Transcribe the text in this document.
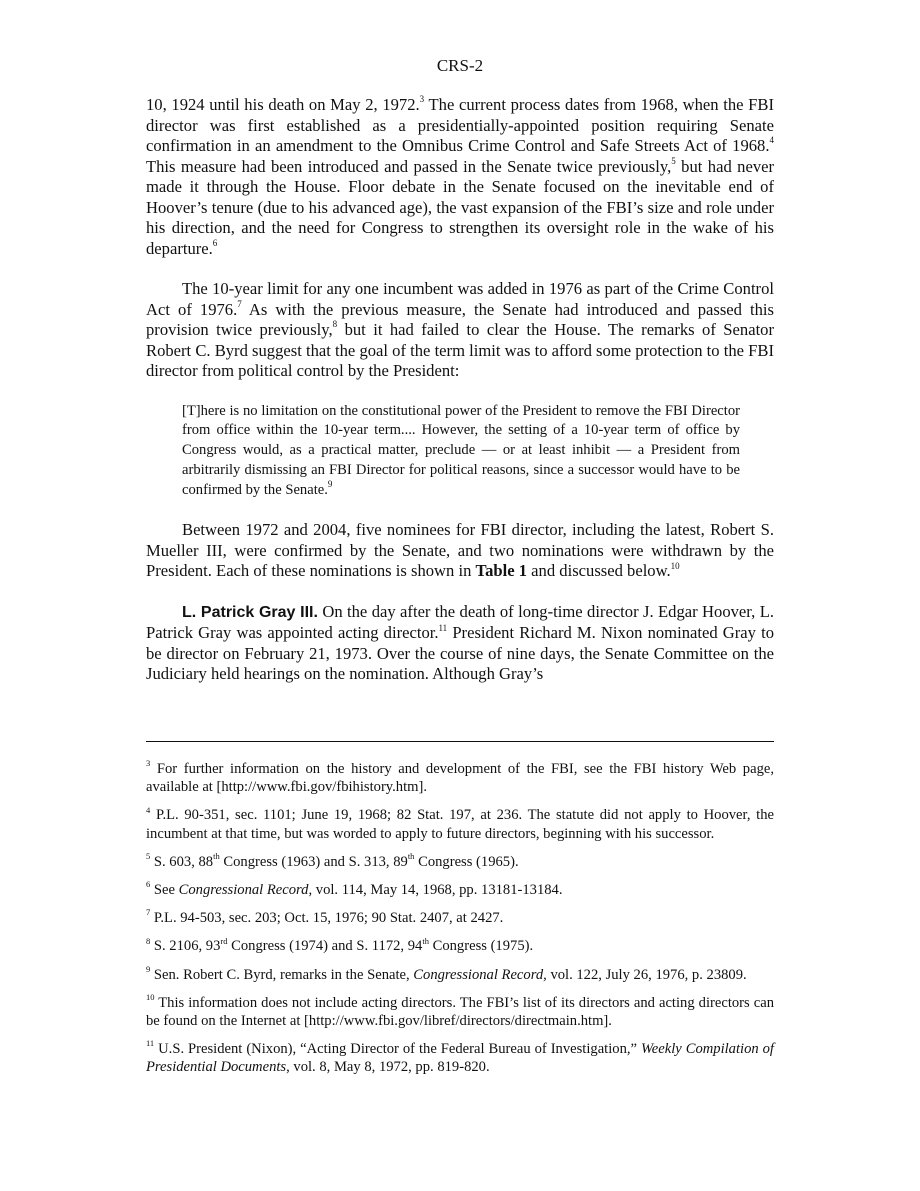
CRS-2

10, 1924 until his death on May 2, 1972.$^3$ The current process dates from 1968, when the FBI director was first established as a presidentially-appointed position requiring Senate confirmation in an amendment to the Omnibus Crime Control and Safe Streets Act of 1968.$^4$ This measure had been introduced and passed in the Senate twice previously,$^5$ but had never made it through the House. Floor debate in the Senate focused on the inevitable end of Hoover’s tenure (due to his advanced age), the vast expansion of the FBI’s size and role under his direction, and the need for Congress to strengthen its oversight role in the wake of his departure.$^6$

The 10-year limit for any one incumbent was added in 1976 as part of the Crime Control Act of 1976.$^7$ As with the previous measure, the Senate had introduced and passed this provision twice previously,$^8$ but it had failed to clear the House. The remarks of Senator Robert C. Byrd suggest that the goal of the term limit was to afford some protection to the FBI director from political control by the President:

[T]here is no limitation on the constitutional power of the President to remove the FBI Director from office within the 10-year term.... However, the setting of a 10-year term of office by Congress would, as a practical matter, preclude — or at least inhibit — a President from arbitrarily dismissing an FBI Director for political reasons, since a successor would have to be confirmed by the Senate.$^9$

Between 1972 and 2004, five nominees for FBI director, including the latest, Robert S. Mueller III, were confirmed by the Senate, and two nominations were withdrawn by the President. Each of these nominations is shown in Table 1 and discussed below.$^{10}$

L. Patrick Gray III. On the day after the death of long-time director J. Edgar Hoover, L. Patrick Gray was appointed acting director.$^{11}$ President Richard M. Nixon nominated Gray to be director on February 21, 1973. Over the course of nine days, the Senate Committee on the Judiciary held hearings on the nomination. Although Gray’s

$^3$ For further information on the history and development of the FBI, see the FBI history Web page, available at [http://www.fbi.gov/fbihistory.htm].
$^4$ P.L. 90-351, sec. 1101; June 19, 1968; 82 Stat. 197, at 236. The statute did not apply to Hoover, the incumbent at that time, but was worded to apply to future directors, beginning with his successor.
$^5$ S. 603, 88th Congress (1963) and S. 313, 89th Congress (1965).
$^6$ See Congressional Record, vol. 114, May 14, 1968, pp. 13181-13184.
$^7$ P.L. 94-503, sec. 203; Oct. 15, 1976; 90 Stat. 2407, at 2427.
$^8$ S. 2106, 93rd Congress (1974) and S. 1172, 94th Congress (1975).
$^9$ Sen. Robert C. Byrd, remarks in the Senate, Congressional Record, vol. 122, July 26, 1976, p. 23809.
$^{10}$ This information does not include acting directors. The FBI’s list of its directors and acting directors can be found on the Internet at [http://www.fbi.gov/libref/directors/directmain.htm].
$^{11}$ U.S. President (Nixon), “Acting Director of the Federal Bureau of Investigation,” Weekly Compilation of Presidential Documents, vol. 8, May 8, 1972, pp. 819-820.
